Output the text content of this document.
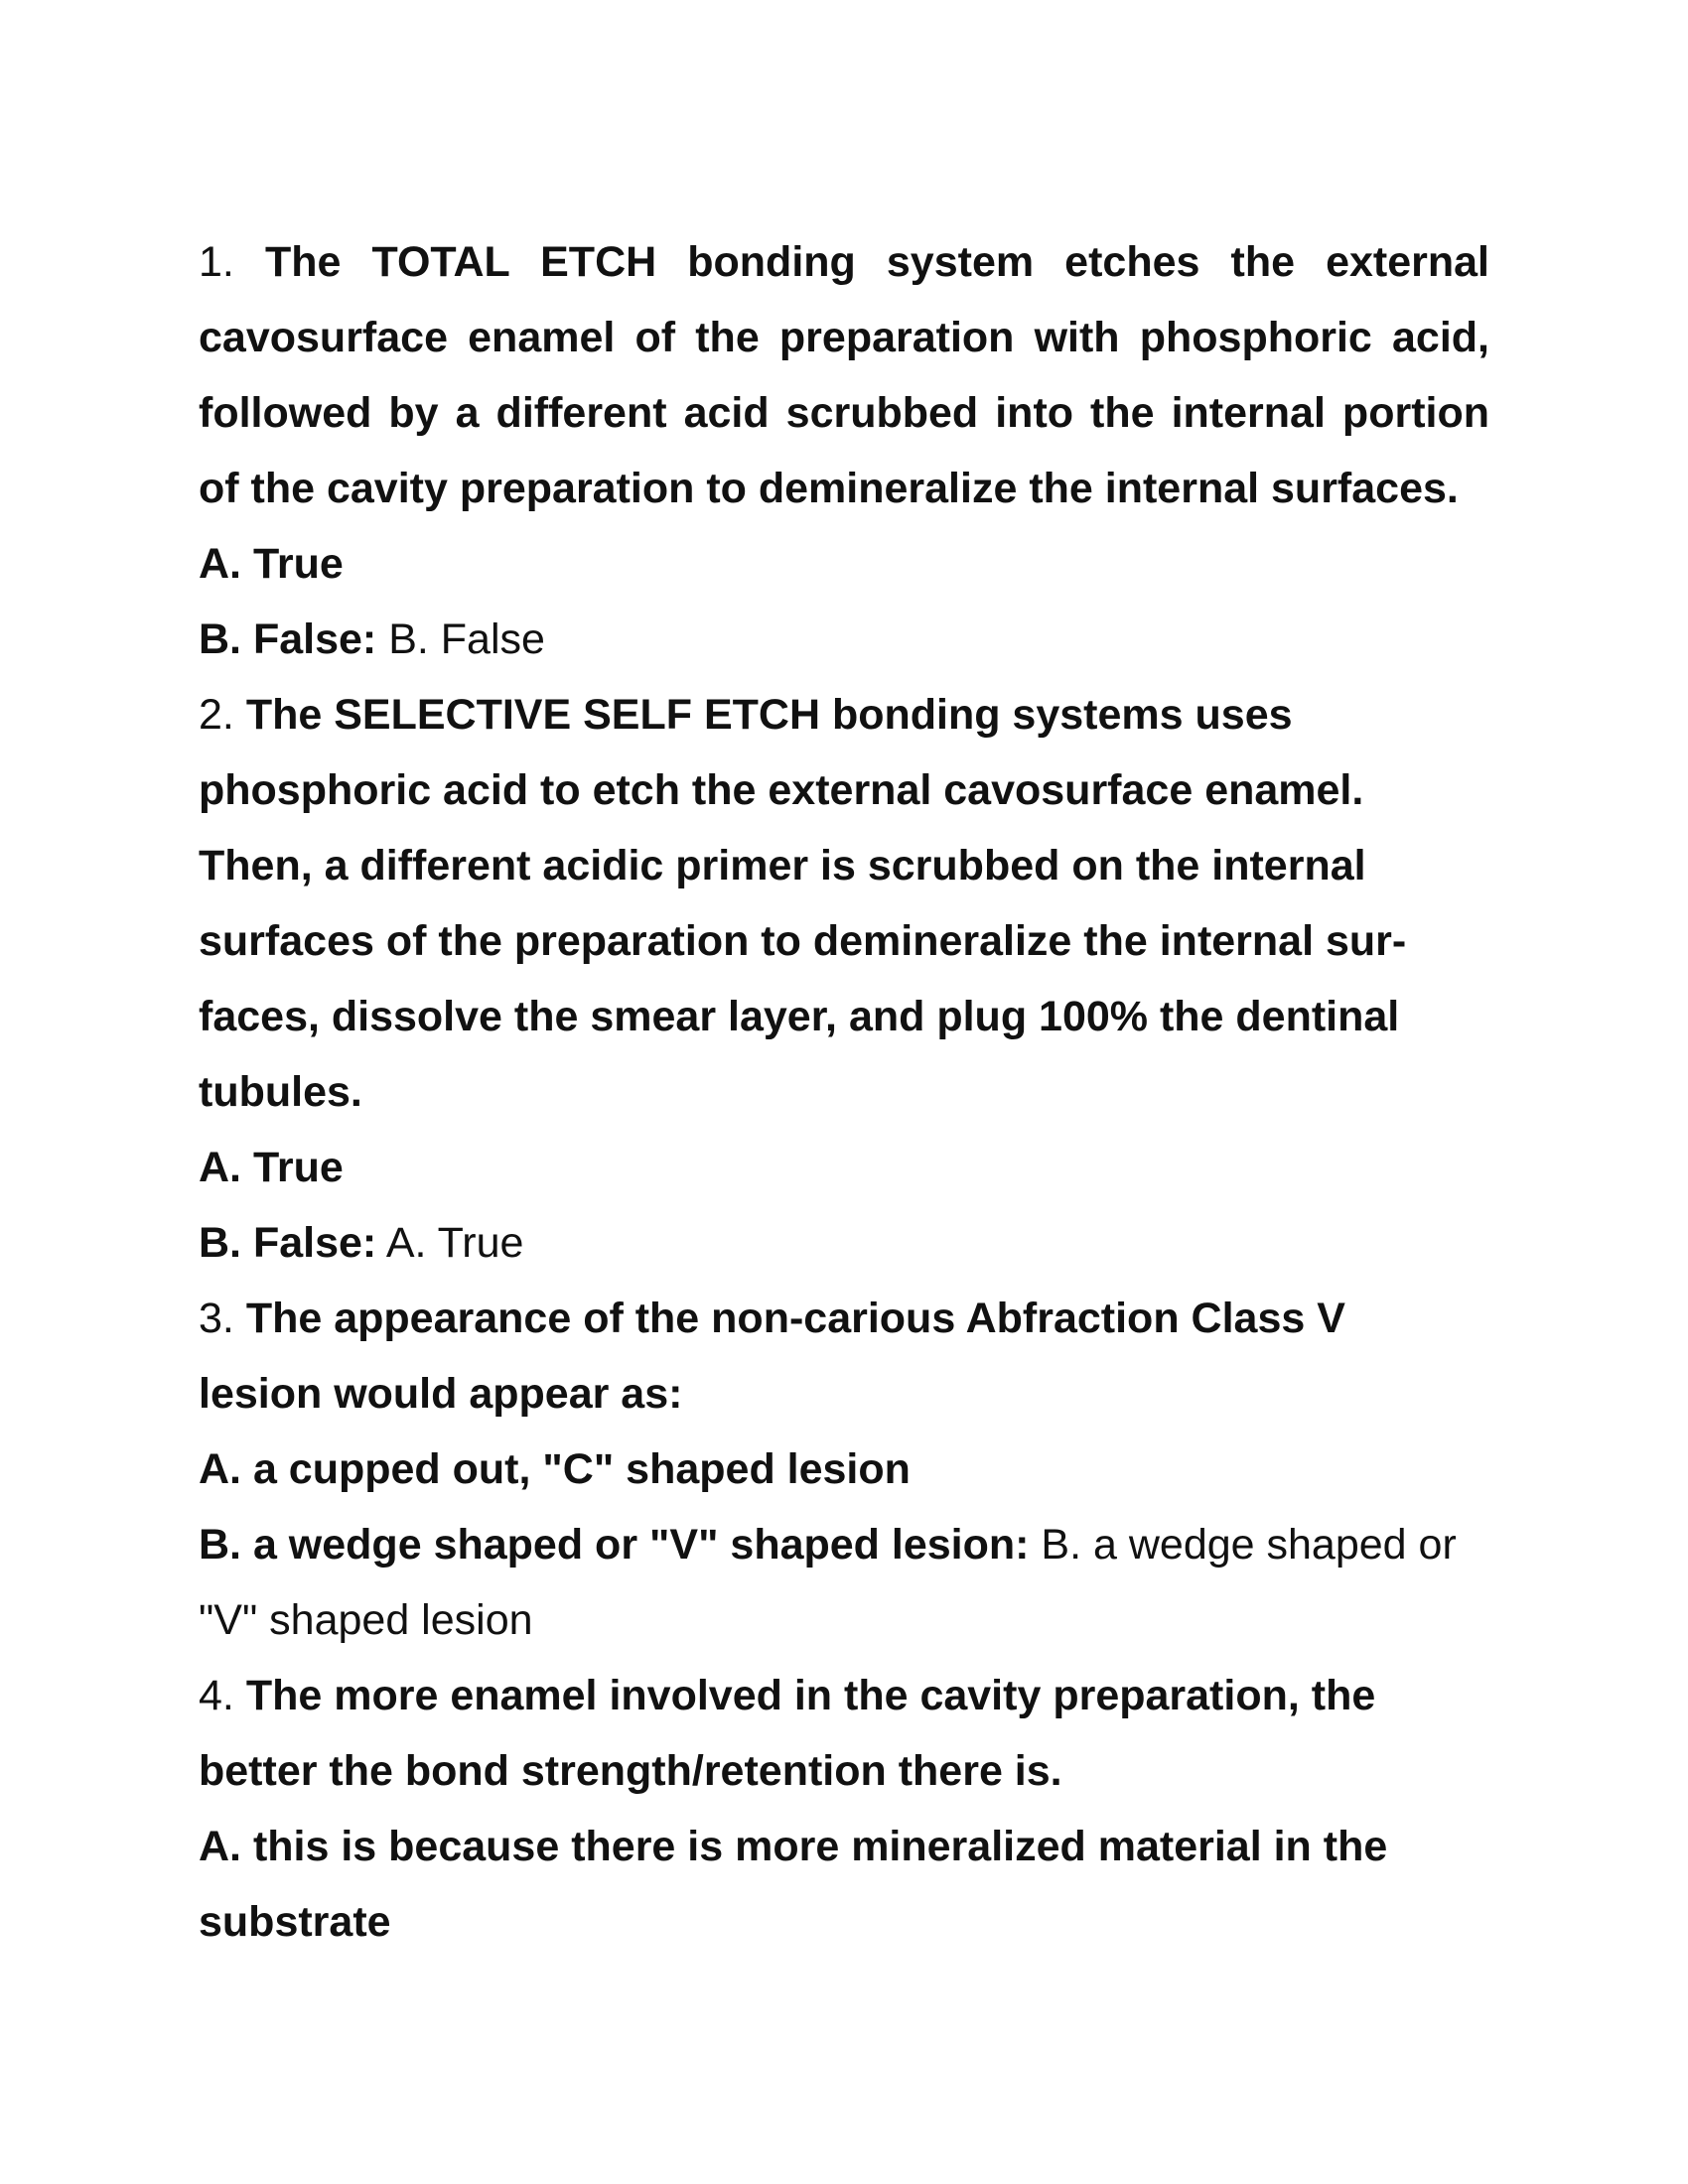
1. The TOTAL ETCH bonding system etches the external cavosurface enamel of the preparation with phosphoric acid, followed by a different acid scrubbed into the internal portion of the cavity preparation to demineralize the internal surfaces.

A. True

B. False: B. False

2. The SELECTIVE SELF ETCH bonding systems uses

phosphoric acid to etch the external cavosurface enamel.

Then, a different acidic primer is scrubbed on the internal

surfaces of the preparation to demineralize the internal sur-

faces, dissolve the smear layer, and plug 100% the dentinal

tubules.

A. True

B. False: A. True

3. The appearance of the non-carious Abfraction Class V

lesion would appear as:

A. a cupped out, "C" shaped lesion

B. a wedge shaped or "V" shaped lesion: B. a wedge shaped or

"V" shaped lesion

4. The more enamel involved in the cavity preparation, the

better the bond strength/retention there is.

A. this is because there is more mineralized material in the

substrate
